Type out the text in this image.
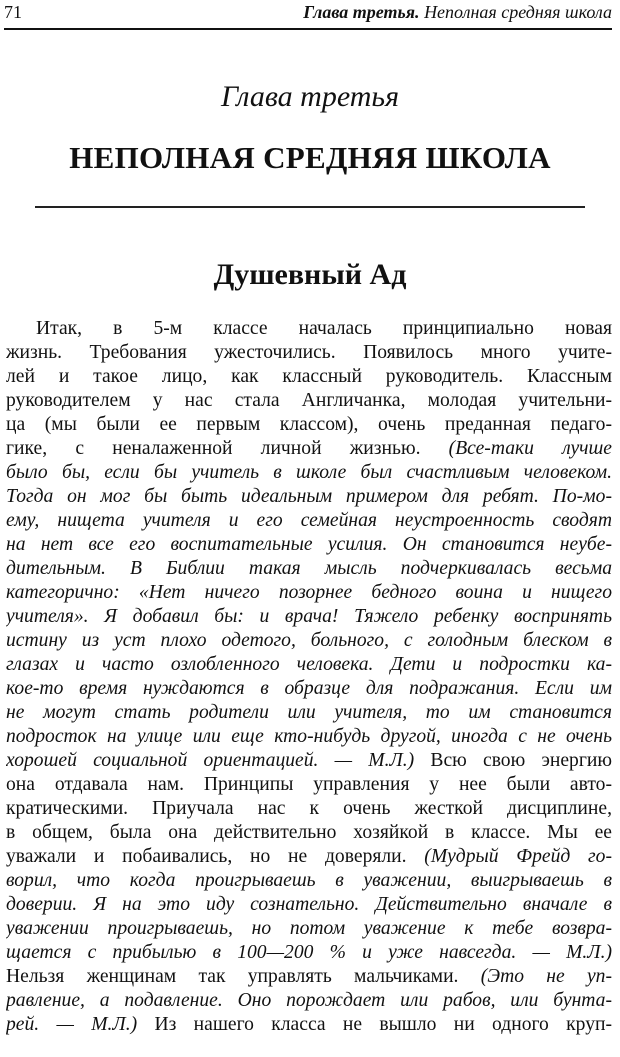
71	Глава третья. Неполная средняя школа
Глава третья
НЕПОЛНАЯ СРЕДНЯЯ ШКОЛА
Душевный Ад
Итак, в 5-м классе началась принципиально новая
жизнь. Требования ужесточились. Появилось много учите-
лей и такое лицо, как классный руководитель. Классным
руководителем у нас стала Англичанка, молодая учительни-
ца (мы были ее первым классом), очень преданная педаго-
гике, с неналаженной личной жизнью. (Все-таки лучше
было бы, если бы учитель в школе был счастливым человеком.
Тогда он мог бы быть идеальным примером для ребят. По-мо-
ему, нищета учителя и его семейная неустроенность сводят
на нет все его воспитательные усилия. Он становится неубе-
дительным. В Библии такая мысль подчеркивалась весьма
категорично: «Нет ничего позорнее бедного воина и нищего
учителя». Я добавил бы: и врача! Тяжело ребенку воспринять
истину из уст плохо одетого, больного, с голодным блеском в
глазах и часто озлобленного человека. Дети и подростки ка-
кое-то время нуждаются в образце для подражания. Если им
не могут стать родители или учителя, то им становится
подросток на улице или еще кто-нибудь другой, иногда с не очень
хорошей социальной ориентацией. — М.Л.) Всю свою энергию
она отдавала нам. Принципы управления у нее были авто-
кратическими. Приучала нас к очень жесткой дисциплине,
в общем, была она действительно хозяйкой в классе. Мы ее
уважали и побаивались, но не доверяли. (Мудрый Фрейд го-
ворил, что когда проигрываешь в уважении, выигрываешь в
доверии. Я на это иду сознательно. Действительно вначале в
уважении проигрываешь, но потом уважение к тебе возвра-
щается с прибылью в 100—200 % и уже навсегда. — М.Л.)
Нельзя женщинам так управлять мальчиками. (Это не уп-
равление, а подавление. Оно порождает или рабов, или бунта-
рей. — М.Л.) Из нашего класса не вышло ни одного круп-
